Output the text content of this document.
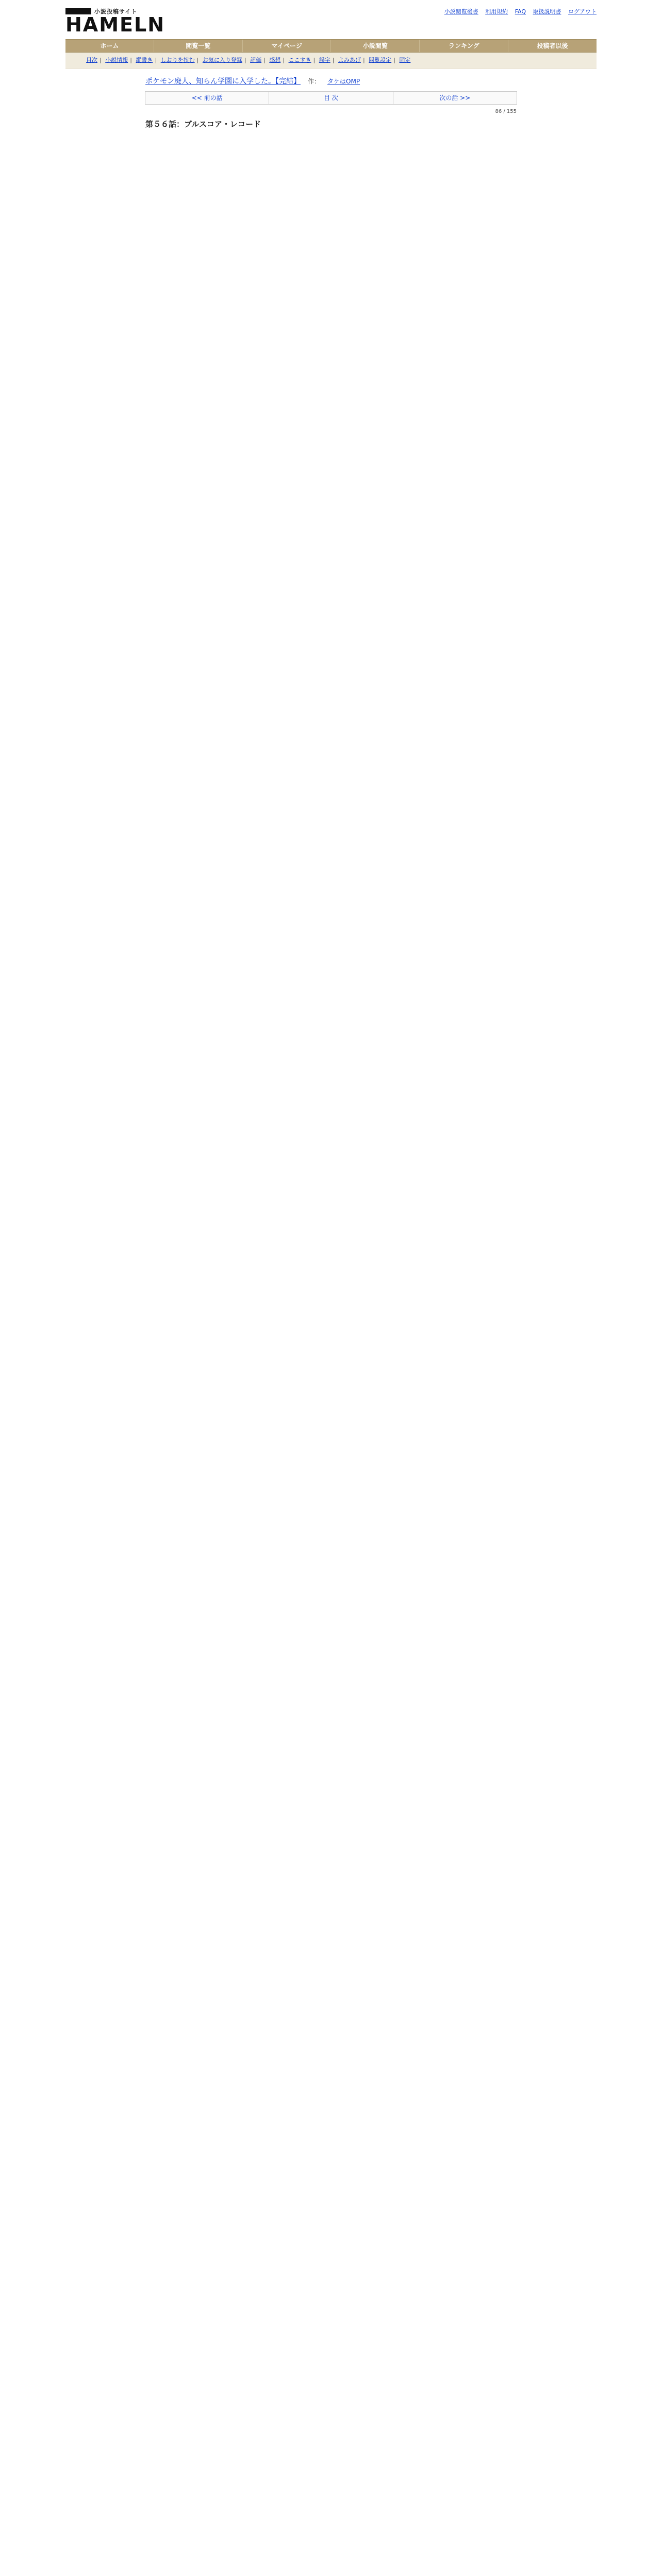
小説投稿サイト
HAMELN
小説閲覧後書 利用規約 FAQ 取扱説明書 ログアウト
ホーム	閲覧一覧	マイページ	小説閲覧	ランキング	投稿者以後
目次 | 小説情報 | 縦書き | しおりを挟む | お気に入り登録 | 評価 | 感想 | ここすき | 誤字 | よみあげ | 閲覧設定 | 固定
ポケモン廃人、知らん学園に入学した。【完結】 作： タケはOMP
<< 前の話	目 次	次の話 >>
86 / 155
第５６話：ブルスコア・レコード
